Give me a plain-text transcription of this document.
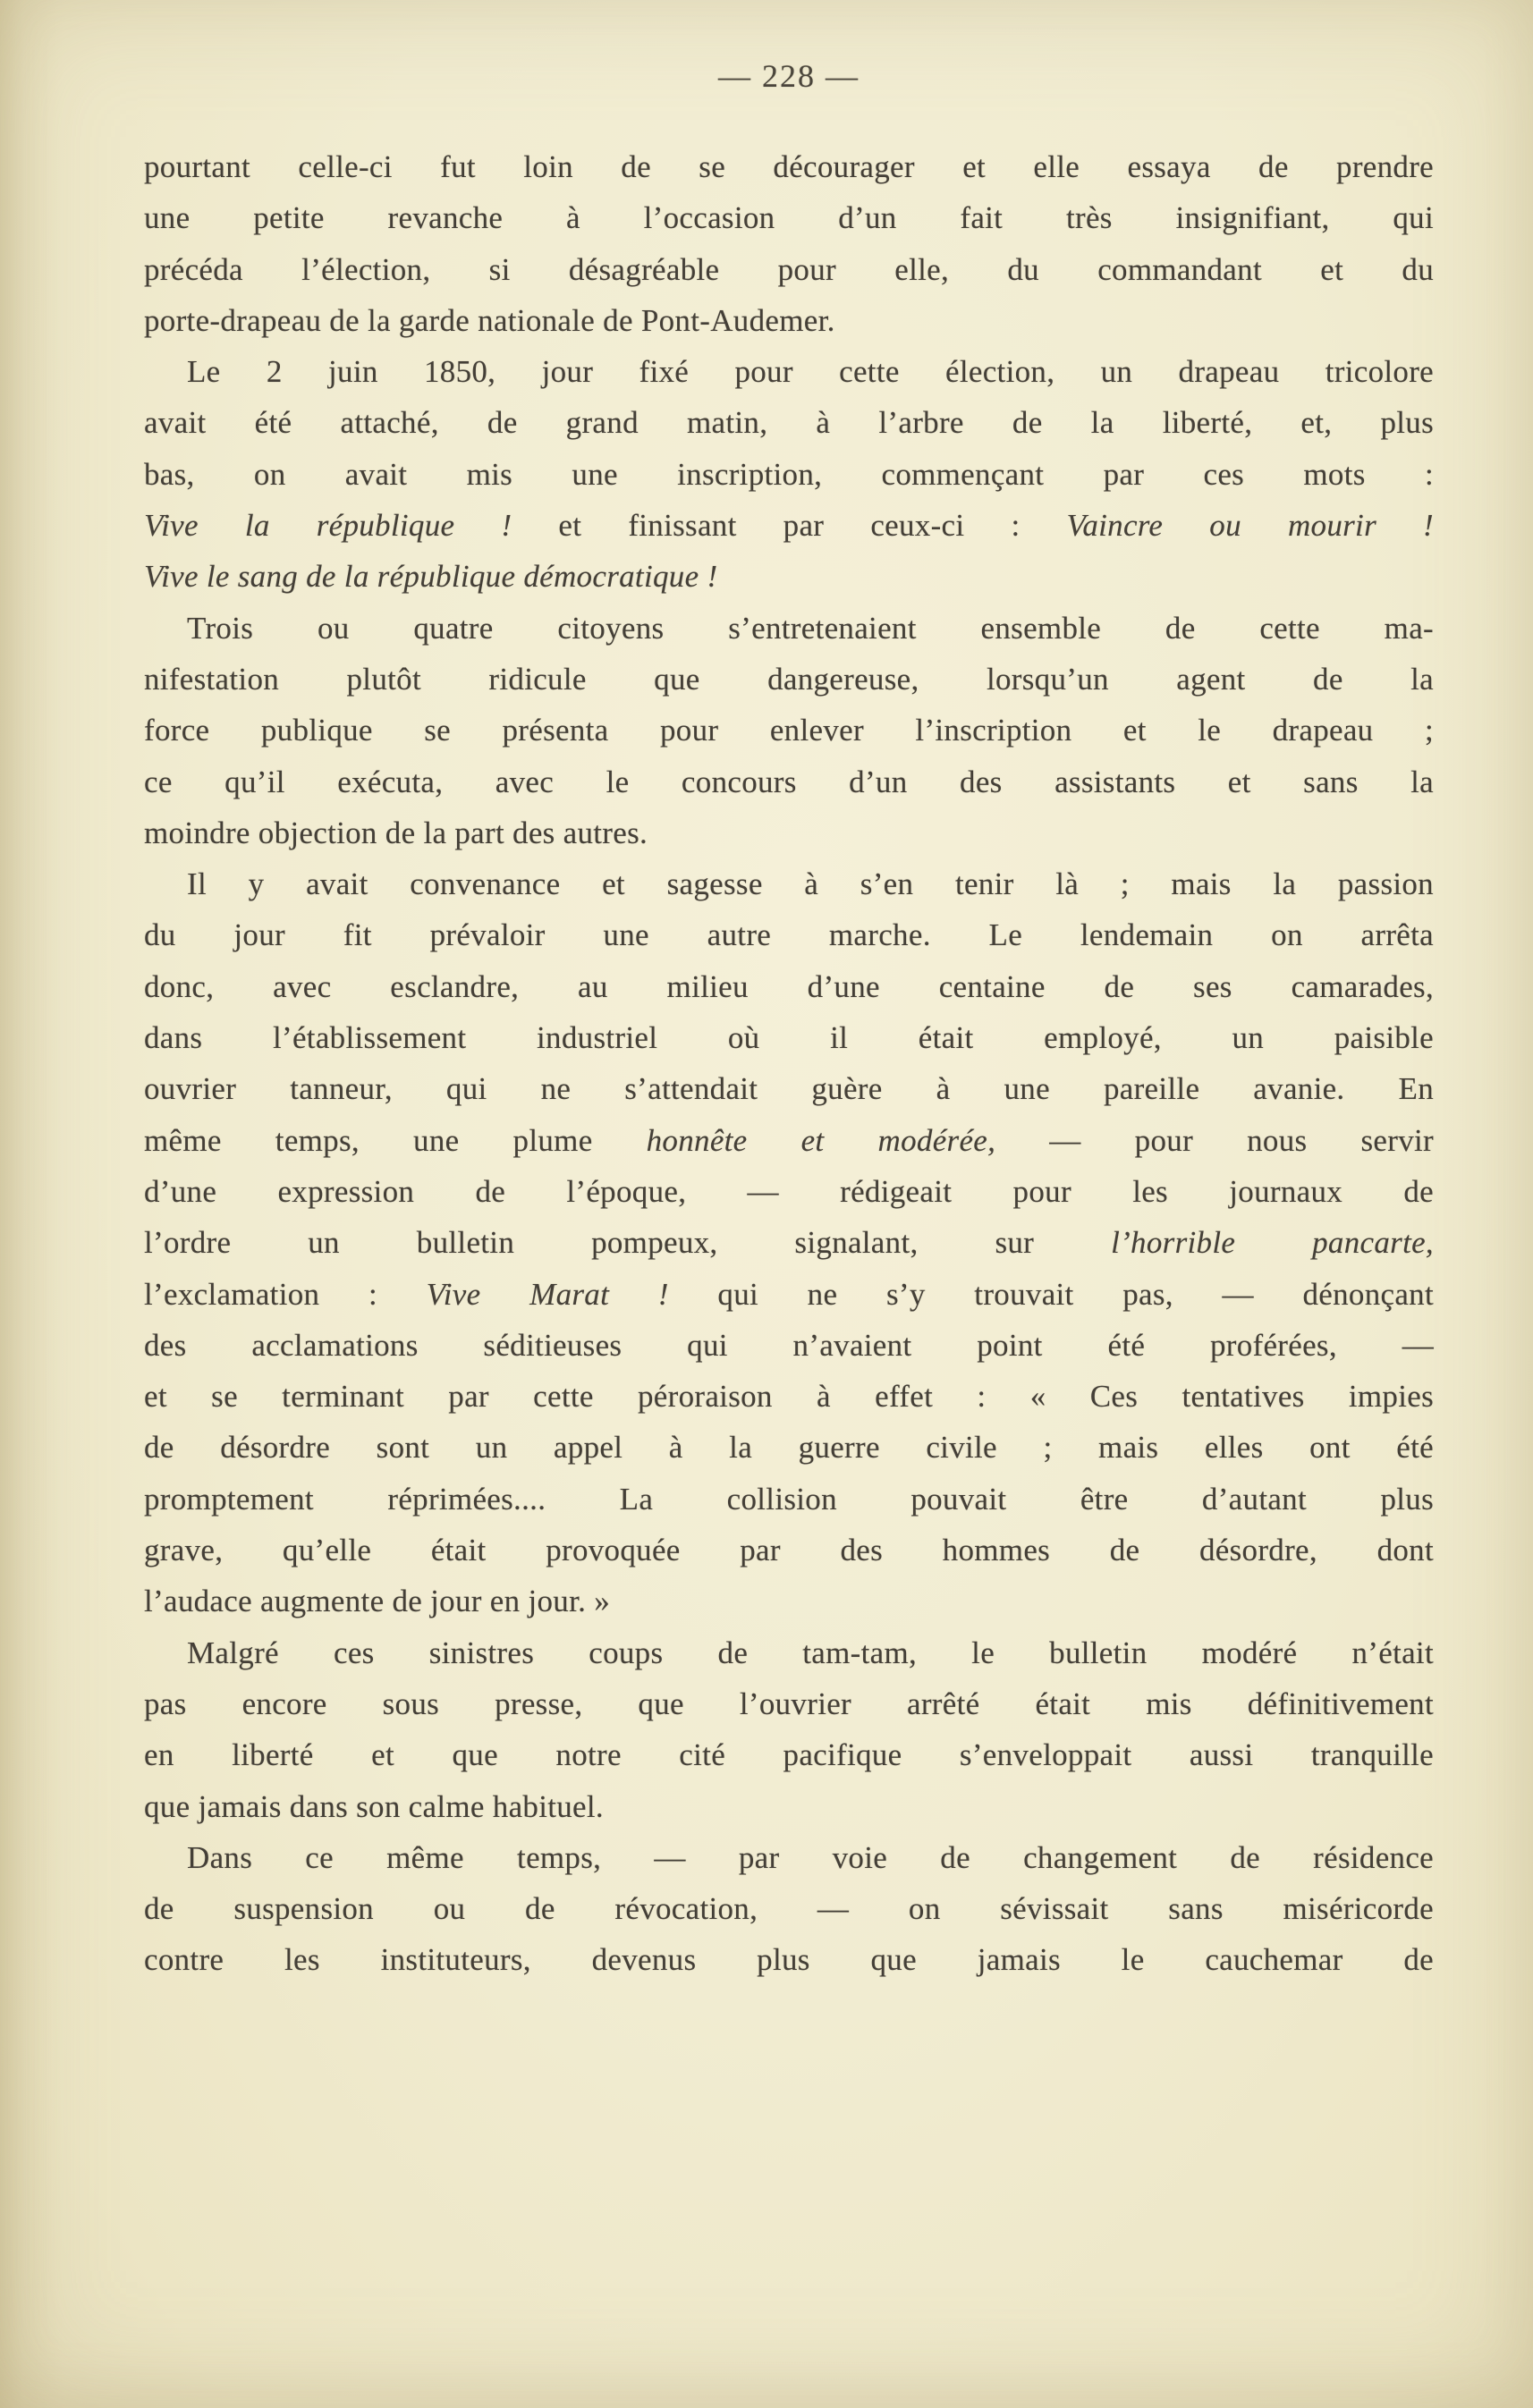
— 228 —
pourtant celle-ci fut loin de se décourager et elle essaya de prendre
une petite revanche à l’occasion d’un fait très insignifiant, qui
précéda l’élection, si désagréable pour elle, du commandant et du
porte-drapeau de la garde nationale de Pont-Audemer.
Le 2 juin 1850, jour fixé pour cette élection, un drapeau tricolore
avait été attaché, de grand matin, à l’arbre de la liberté, et, plus
bas, on avait mis une inscription, commençant par ces mots :
Vive la république ! et finissant par ceux-ci : Vaincre ou mourir !
Vive le sang de la république démocratique !
Trois ou quatre citoyens s’entretenaient ensemble de cette ma-
nifestation plutôt ridicule que dangereuse, lorsqu’un agent de la
force publique se présenta pour enlever l’inscription et le drapeau ;
ce qu’il exécuta, avec le concours d’un des assistants et sans la
moindre objection de la part des autres.
Il y avait convenance et sagesse à s’en tenir là ; mais la passion
du jour fit prévaloir une autre marche. Le lendemain on arrêta
donc, avec esclandre, au milieu d’une centaine de ses camarades,
dans l’établissement industriel où il était employé, un paisible
ouvrier tanneur, qui ne s’attendait guère à une pareille avanie. En
même temps, une plume honnête et modérée, — pour nous servir
d’une expression de l’époque, — rédigeait pour les journaux de
l’ordre un bulletin pompeux, signalant, sur l’horrible pancarte,
l’exclamation : Vive Marat ! qui ne s’y trouvait pas, — dénonçant
des acclamations séditieuses qui n’avaient point été proférées, —
et se terminant par cette péroraison à effet : « Ces tentatives impies
de désordre sont un appel à la guerre civile ; mais elles ont été
promptement réprimées.... La collision pouvait être d’autant plus
grave, qu’elle était provoquée par des hommes de désordre, dont
l’audace augmente de jour en jour. »
Malgré ces sinistres coups de tam-tam, le bulletin modéré n’était
pas encore sous presse, que l’ouvrier arrêté était mis définitivement
en liberté et que notre cité pacifique s’enveloppait aussi tranquille
que jamais dans son calme habituel.
Dans ce même temps, — par voie de changement de résidence
de suspension ou de révocation, — on sévissait sans miséricorde
contre les instituteurs, devenus plus que jamais le cauchemar de
